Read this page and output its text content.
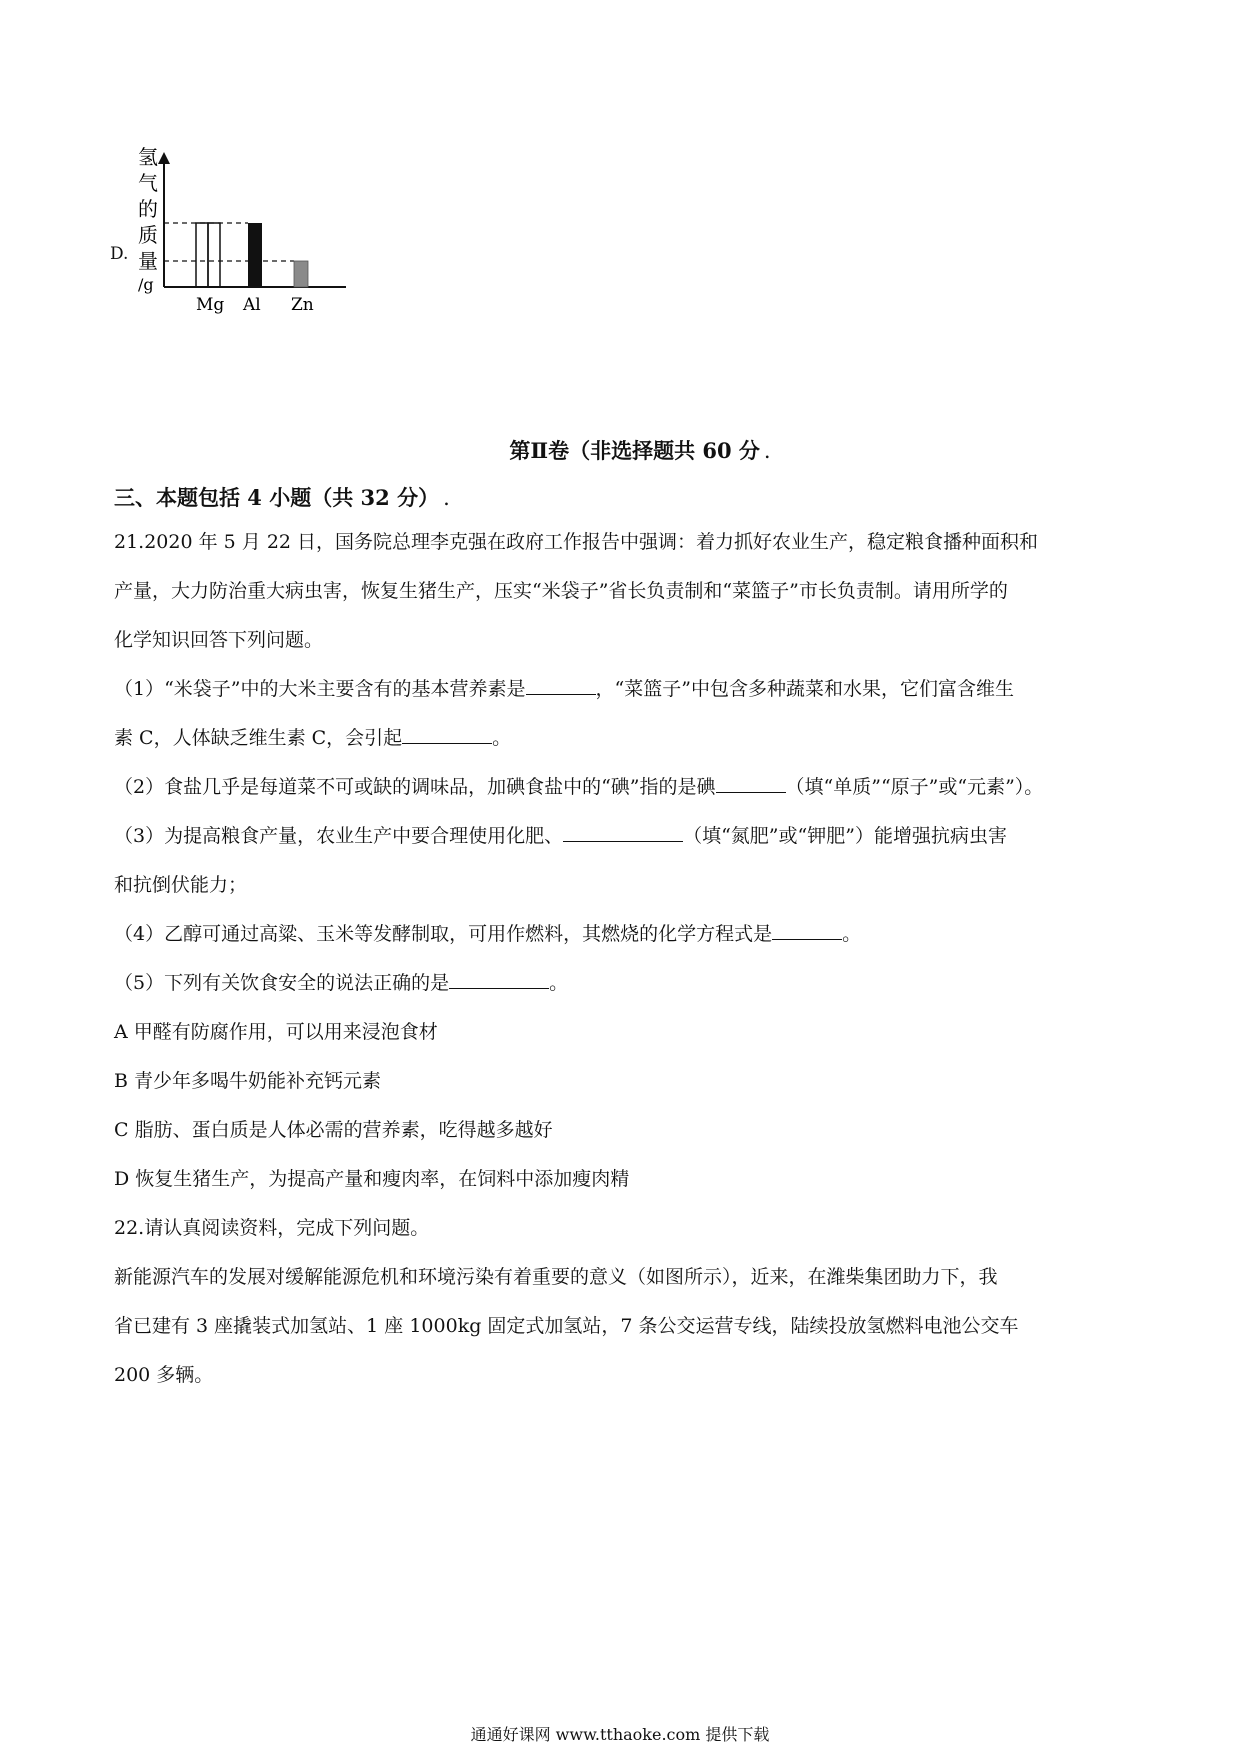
D.
氢
气
的
质
量
/g
Mg Al Zn
第Ⅱ卷（非选择题共 60 分 .
三、本题包括 4 小题（共 32 分） .

21.2020 年 5 月 22 日，国务院总理李克强在政府工作报告中强调：着力抓好农业生产，稳定粮食播种面积和

产量，大力防治重大病虫害，恢复生猪生产，压实“米袋子”省长负责制和“菜篮子”市长负责制。请用所学的

化学知识回答下列问题。

（1）“米袋子”中的大米主要含有的基本营养素是	，“菜篮子”中包含多种蔬菜和水果，它们富含维生

素 C，人体缺乏维生素 C，会引起	。

（2）食盐几乎是每道菜不可或缺的调味品，加碘食盐中的“碘”指的是碘	（填“单质”“原子”或“元素”）。

（3）为提高粮食产量，农业生产中要合理使用化肥、	（填“氮肥”或“钾肥”）能增强抗病虫害

和抗倒伏能力；

（4）乙醇可通过高粱、玉米等发酵制取，可用作燃料，其燃烧的化学方程式是	。

（5）下列有关饮食安全的说法正确的是	。

A 甲醛有防腐作用，可以用来浸泡食材

B 青少年多喝牛奶能补充钙元素

C 脂肪、蛋白质是人体必需的营养素，吃得越多越好

D 恢复生猪生产，为提高产量和瘦肉率，在饲料中添加瘦肉精

22.请认真阅读资料，完成下列问题。

新能源汽车的发展对缓解能源危机和环境污染有着重要的意义（如图所示），近来，在潍柴集团助力下，我

省已建有 3 座撬装式加氢站、1 座 1000kg 固定式加氢站，7 条公交运营专线，陆续投放氢燃料电池公交车

200 多辆。

通通好课网 www.tthaoke.com 提供下载
